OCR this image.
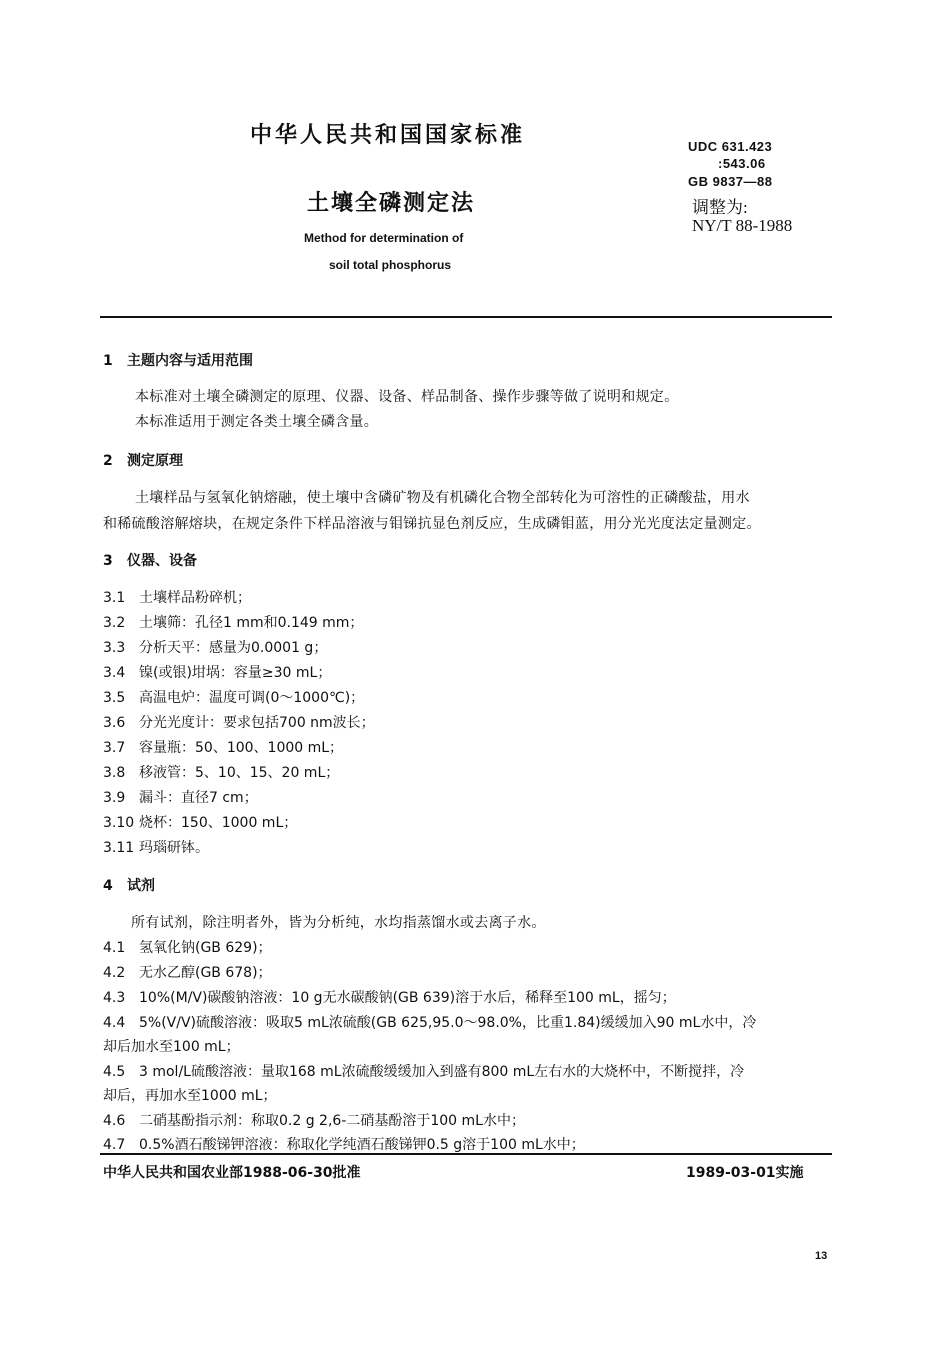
中华人民共和国国家标准
土壤全磷测定法
Method for determination of
soil total phosphorus
UDC 631.423
:543.06
GB 9837—88
调整为:
NY/T 88-1988
1 主题内容与适用范围
本标准对土壤全磷测定的原理、仪器、设备、样品制备、操作步骤等做了说明和规定。
本标准适用于测定各类土壤全磷含量。
2 测定原理
土壤样品与氢氧化钠熔融，使土壤中含磷矿物及有机磷化合物全部转化为可溶性的正磷酸盐，用水
和稀硫酸溶解熔块，在规定条件下样品溶液与钼锑抗显色剂反应，生成磷钼蓝，用分光光度法定量测定。
3 仪器、设备
3.1 土壤样品粉碎机；
3.2 土壤筛：孔径1 mm和0.149 mm；
3.3 分析天平：感量为0.0001 g；
3.4 镍(或银)坩埚：容量≥30 mL；
3.5 高温电炉：温度可调(0～1000℃)；
3.6 分光光度计：要求包括700 nm波长；
3.7 容量瓶：50、100、1000 mL；
3.8 移液管：5、10、15、20 mL；
3.9 漏斗：直径7 cm；
3.10 烧杯：150、1000 mL；
3.11 玛瑙研钵。
4 试剂
所有试剂，除注明者外，皆为分析纯，水均指蒸馏水或去离子水。
4.1 氢氧化钠(GB 629)；
4.2 无水乙醇(GB 678)；
4.3 10%(M/V)碳酸钠溶液：10 g无水碳酸钠(GB 639)溶于水后，稀释至100 mL，摇匀；
4.4 5%(V/V)硫酸溶液：吸取5 mL浓硫酸(GB 625,95.0～98.0%，比重1.84)缓缓加入90 mL水中，冷
却后加水至100 mL；
4.5 3 mol/L硫酸溶液：量取168 mL浓硫酸缓缓加入到盛有800 mL左右水的大烧杯中，不断搅拌，冷
却后，再加水至1000 mL；
4.6 二硝基酚指示剂：称取0.2 g 2,6-二硝基酚溶于100 mL水中；
4.7 0.5%酒石酸锑钾溶液：称取化学纯酒石酸锑钾0.5 g溶于100 mL水中；
中华人民共和国农业部1988-06-30批准	1989-03-01实施
13
